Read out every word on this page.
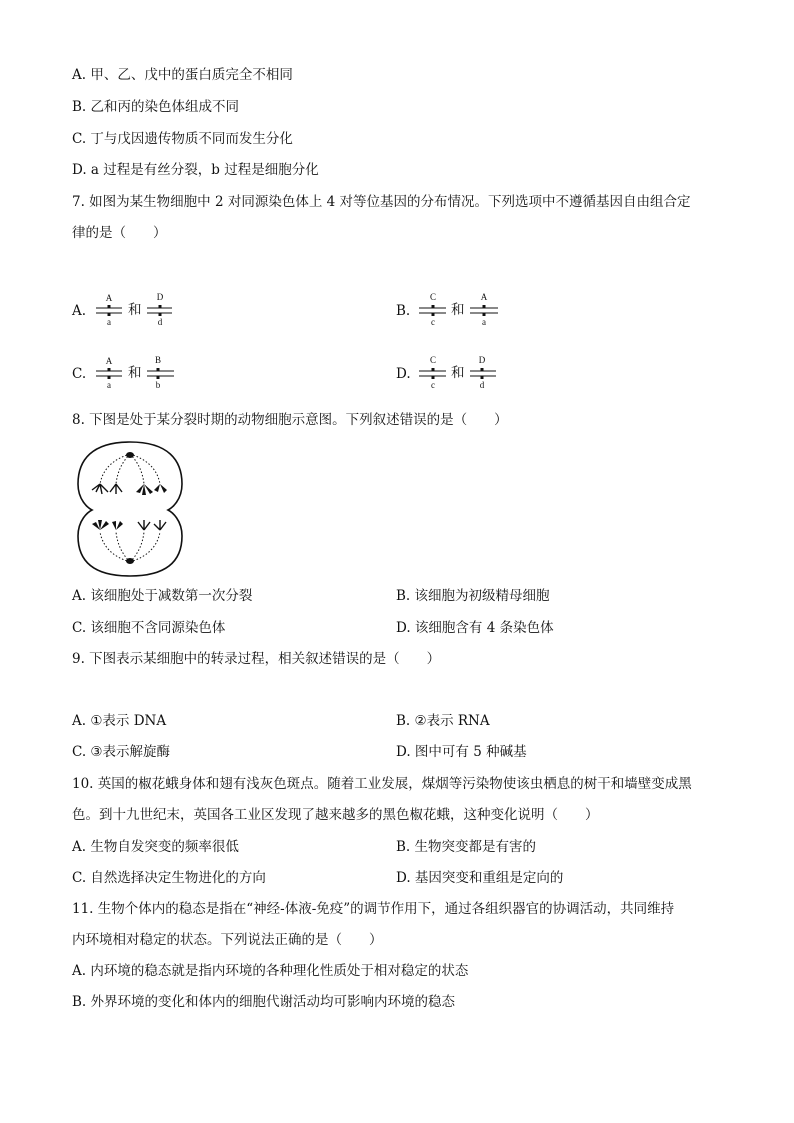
A. 甲、乙、戊中的蛋白质完全不相同
B. 乙和丙的染色体组成不同
C. 丁与戊因遗传物质不同而发生分化
D. a 过程是有丝分裂，b 过程是细胞分化
7. 如图为某生物细胞中 2 对同源染色体上 4 对等位基因的分布情况。下列选项中不遵循基因自由组合定
律的是（　　）
A.
A
a
和
D
d
B.
C
c
和
A
a
C.
A
a
和
B
b
D.
C
c
和
D
d
8. 下图是处于某分裂时期的动物细胞示意图。下列叙述错误的是（　　）
A. 该细胞处于减数第一次分裂	B. 该细胞为初级精母细胞
C. 该细胞不含同源染色体	D. 该细胞含有 4 条染色体
9. 下图表示某细胞中的转录过程，相关叙述错误的是（　　）
A. ①表示 DNA	B. ②表示 RNA
C. ③表示解旋酶	D. 图中可有 5 种碱基
10. 英国的椒花蛾身体和翅有浅灰色斑点。随着工业发展，煤烟等污染物使该虫栖息的树干和墙壁变成黑
色。到十九世纪末，英国各工业区发现了越来越多的黑色椒花蛾，这种变化说明（　　）
A. 生物自发突变的频率很低	B. 生物突变都是有害的
C. 自然选择决定生物进化的方向	D. 基因突变和重组是定向的
11. 生物个体内的稳态是指在“神经-体液-免疫”的调节作用下，通过各组织器官的协调活动，共同维持
内环境相对稳定的状态。下列说法正确的是（　　）
A. 内环境的稳态就是指内环境的各种理化性质处于相对稳定的状态
B. 外界环境的变化和体内的细胞代谢活动均可影响内环境的稳态
